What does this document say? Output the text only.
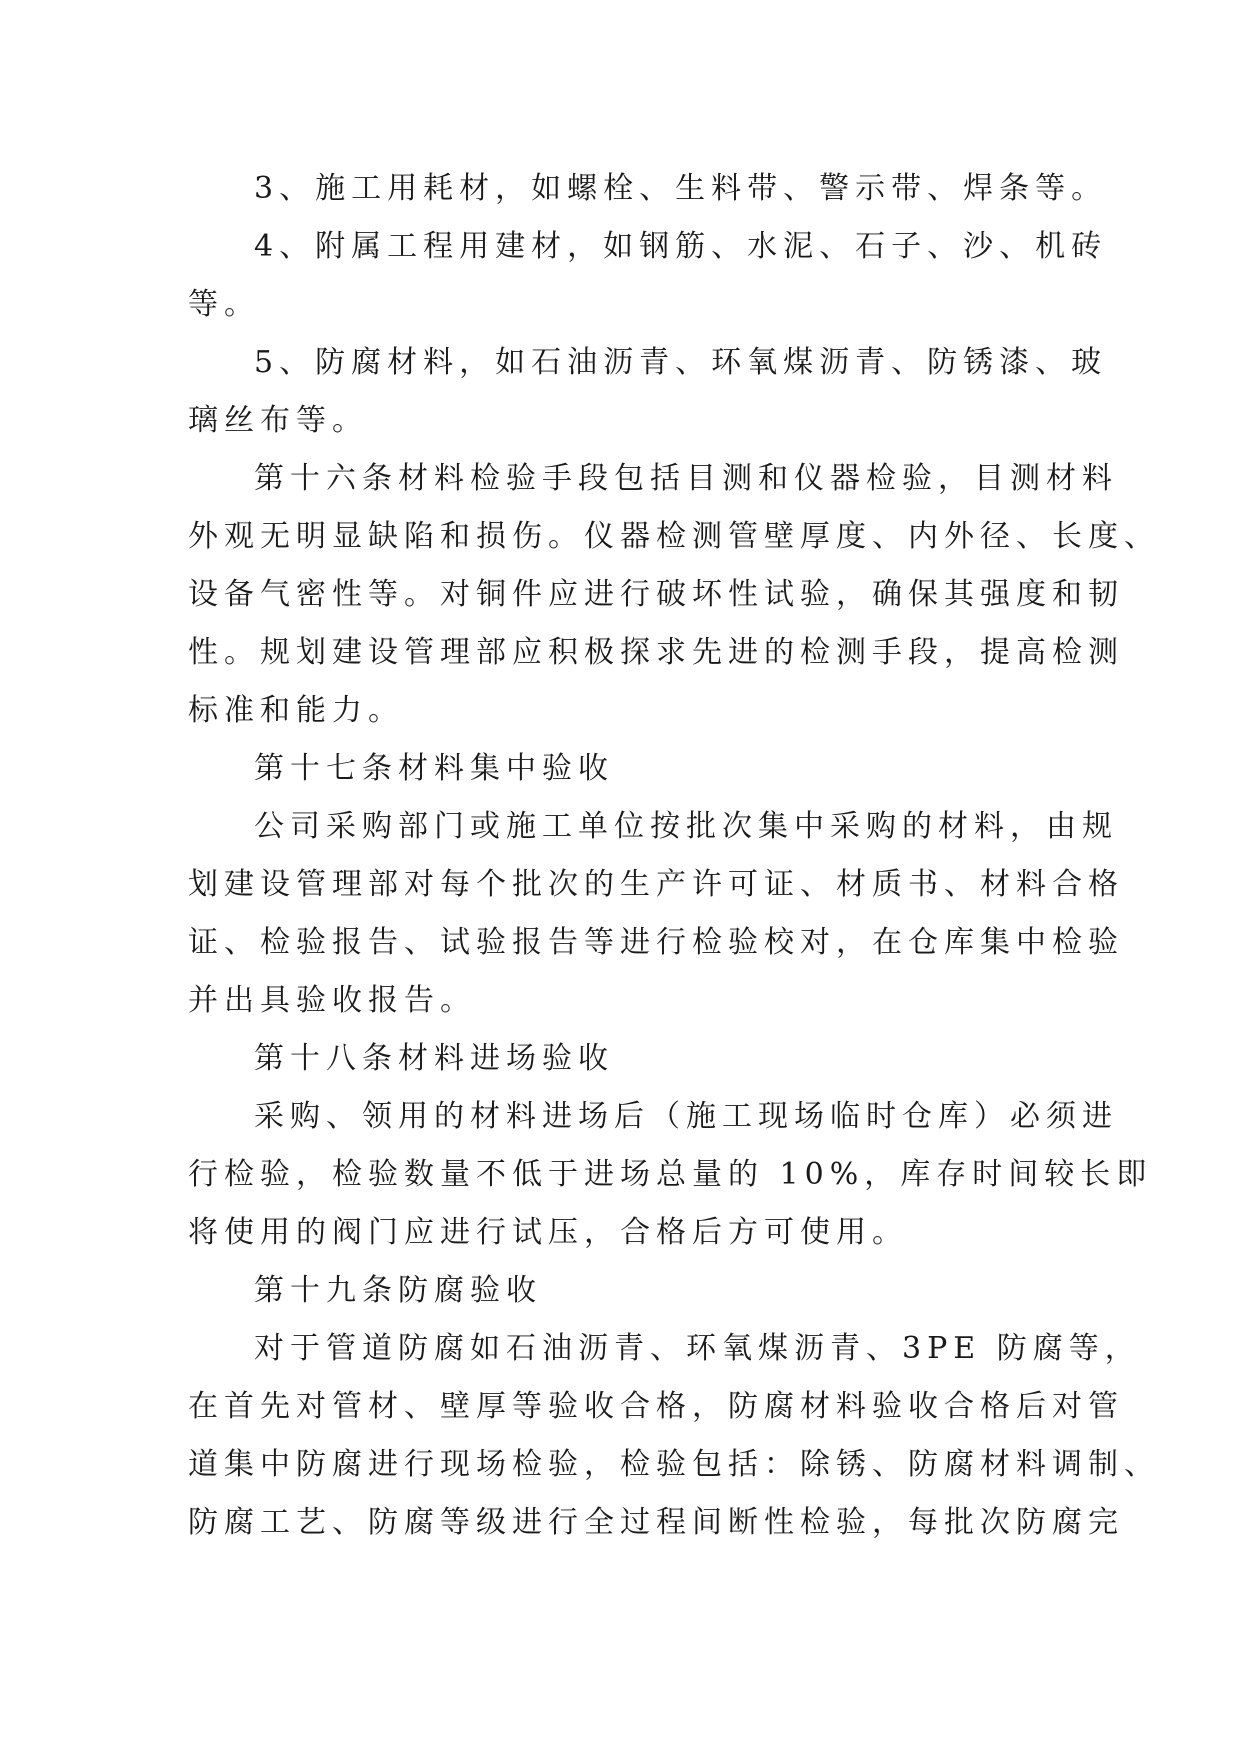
3、施工用耗材，如螺栓、生料带、警示带、焊条等。
4、附属工程用建材，如钢筋、水泥、石子、沙、机砖
等。
5、防腐材料，如石油沥青、环氧煤沥青、防锈漆、玻
璃丝布等。
第十六条材料检验手段包括目测和仪器检验，目测材料
外观无明显缺陷和损伤。仪器检测管壁厚度、内外径、长度、
设备气密性等。对铜件应进行破坏性试验，确保其强度和韧
性。规划建设管理部应积极探求先进的检测手段，提高检测
标准和能力。
第十七条材料集中验收
公司采购部门或施工单位按批次集中采购的材料，由规
划建设管理部对每个批次的生产许可证、材质书、材料合格
证、检验报告、试验报告等进行检验校对，在仓库集中检验
并出具验收报告。
第十八条材料进场验收
采购、领用的材料进场后（施工现场临时仓库）必须进
行检验，检验数量不低于进场总量的 10%，库存时间较长即
将使用的阀门应进行试压，合格后方可使用。
第十九条防腐验收
对于管道防腐如石油沥青、环氧煤沥青、3PE 防腐等，
在首先对管材、壁厚等验收合格，防腐材料验收合格后对管
道集中防腐进行现场检验，检验包括：除锈、防腐材料调制、
防腐工艺、防腐等级进行全过程间断性检验，每批次防腐完
